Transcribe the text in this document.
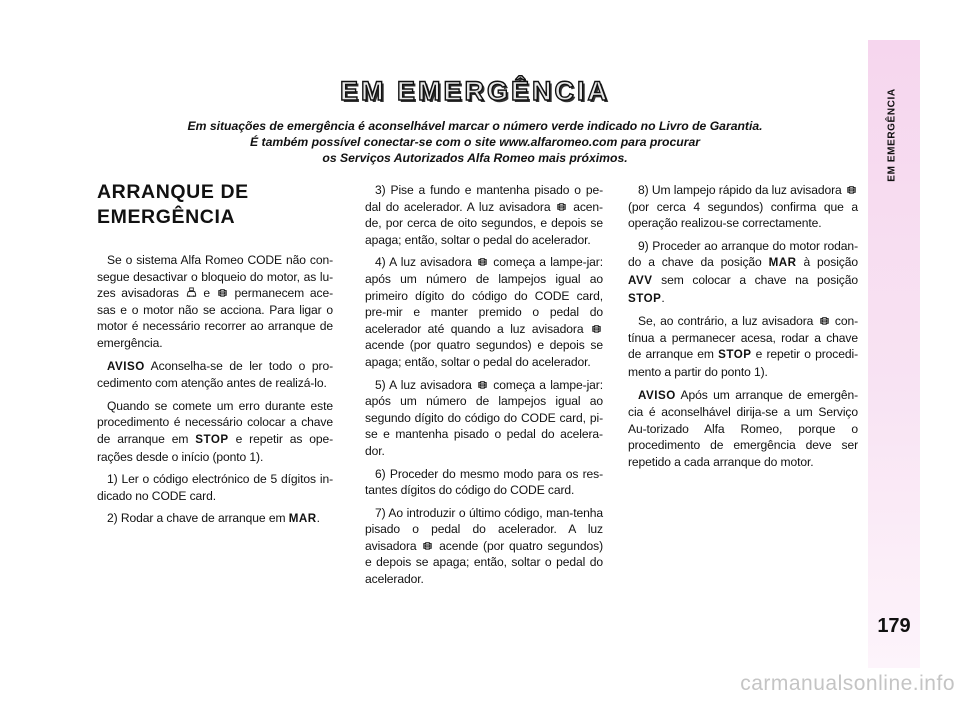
EM EMERGÊNCIA
179
EM EMERGÊNCIA
Em situações de emergência é aconselhável marcar o número verde indicado no Livro de Garantia.
É também possível conectar-se com o site www.alfaromeo.com para procurar
os Serviços Autorizados Alfa Romeo mais próximos.
ARRANQUE DE
EMERGÊNCIA

Se o sistema Alfa Romeo CODE não con-segue desactivar o bloqueio do motor, as lu-zes avisadoras e permanecem ace-sas e o motor não se acciona. Para ligar o motor é necessário recorrer ao arranque de emergência.

AVISO Aconselha-se de ler todo o pro-cedimento com atenção antes de realizá-lo.

Quando se comete um erro durante este procedimento é necessário colocar a chave de arranque em STOP e repetir as ope-rações desde o início (ponto 1).

1) Ler o código electrónico de 5 dígitos in-dicado no CODE card.

2) Rodar a chave de arranque em MAR.

3) Pise a fundo e mantenha pisado o pe-dal do acelerador. A luz avisadora acen-de, por cerca de oito segundos, e depois se apaga; então, soltar o pedal do acelerador.

4) A luz avisadora começa a lampe-jar: após um número de lampejos igual ao primeiro dígito do código do CODE card, pre-mir e manter premido o pedal do acelerador até quando a luz avisadora
acende (por quatro segundos) e depois se apaga; então, soltar o pedal do acelerador.

5) A luz avisadora começa a lampe-jar: após um número de lampejos igual ao segundo dígito do código do CODE card, pi-se e mantenha pisado o pedal do acelera-dor.

6) Proceder do mesmo modo para os res-tantes dígitos do código do CODE card.

7) Ao introduzir o último código, man-tenha pisado o pedal do acelerador. A luz avisadora acende (por quatro segundos) e depois se apaga; então, soltar o pedal do acelerador.

8) Um lampejo rápido da luz avisadora
(por cerca 4 segundos) confirma que a operação realizou-se correctamente.

9) Proceder ao arranque do motor rodan-do a chave da posição MAR à posição AVV sem colocar a chave na posição STOP.

Se, ao contrário, a luz avisadora con-tínua a permanecer acesa, rodar a chave de arranque em STOP e repetir o procedi-mento a partir do ponto 1).

AVISO Após um arranque de emergên-cia é aconselhável dirija-se a um Serviço Au-torizado Alfa Romeo, porque o procedimento de emergência deve ser repetido a cada arranque do motor.

carmanualsonline.info
